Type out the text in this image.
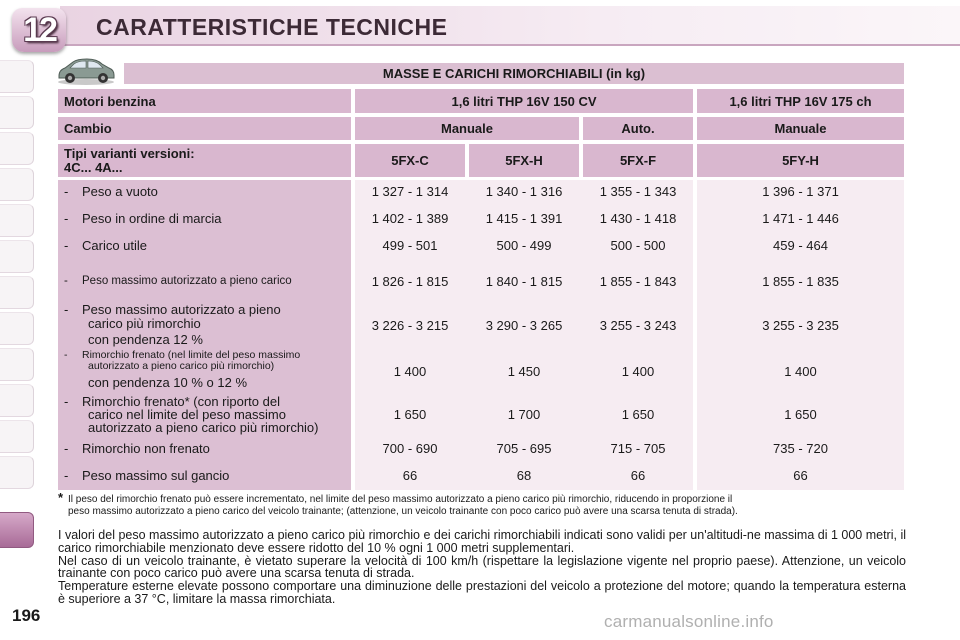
12 CARATTERISTICHE TECNICHE
MASSE E CARICHI RIMORCHIABILI (in kg)
Motori benzina	1,6 litri THP 16V 150 CV	1,6 litri THP 16V 175 ch
Cambio	Manuale	Auto.	Manuale
Tipi varianti versioni:
4C... 4A...	5FX-C	5FX-H	5FX-F	5FY-H
-	Peso a vuoto	1 327 - 1 314	1 340 - 1 316	1 355 - 1 343	1 396 - 1 371
-	Peso in ordine di marcia	1 402 - 1 389	1 415 - 1 391	1 430 - 1 418	1 471 - 1 446
-	Carico utile	499 - 501	500 - 499	500 - 500	459 - 464
-	Peso massimo autorizzato a pieno carico	1 826 - 1 815	1 840 - 1 815	1 855 - 1 843	1 855 - 1 835
-	Peso massimo autorizzato a pieno
carico più rimorchio
con pendenza 12 %
3 226 - 3 215	3 290 - 3 265	3 255 - 3 243	3 255 - 3 235
-	Rimorchio frenato (nel limite del peso massimo
autorizzato a pieno carico più rimorchio)
con pendenza 10 % o 12 %
1 400	1 450	1 400	1 400
-	Rimorchio frenato* (con riporto del
carico nel limite del peso massimo
autorizzato a pieno carico più rimorchio)
1 650	1 700	1 650	1 650
-	Rimorchio non frenato	700 - 690	705 - 695	715 - 705	735 - 720
-	Peso massimo sul gancio	66	68	66	66
* Il peso del rimorchio frenato può essere incrementato, nel limite del peso massimo autorizzato a pieno carico più rimorchio, riducendo in proporzione il
peso massimo autorizzato a pieno carico del veicolo trainante; (attenzione, un veicolo trainante con poco carico può avere una scarsa tenuta di strada).

I valori del peso massimo autorizzato a pieno carico più rimorchio e dei carichi rimorchiabili indicati sono validi per un'altitudi-ne massima di 1 000 metri, il carico rimorchiabile menzionato deve essere ridotto del 10 % ogni 1 000 metri supplementari.

Nel caso di un veicolo trainante, è vietato superare la velocità di 100 km/h (rispettare la legislazione vigente nel proprio paese). Attenzione, un veicolo trainante con poco carico può avere una scarsa tenuta di strada.

Temperature esterne elevate possono comportare una diminuzione delle prestazioni del veicolo a protezione del motore; quando la temperatura esterna è superiore a 37 °C, limitare la massa rimorchiata.

196	carmanualsonline.info
